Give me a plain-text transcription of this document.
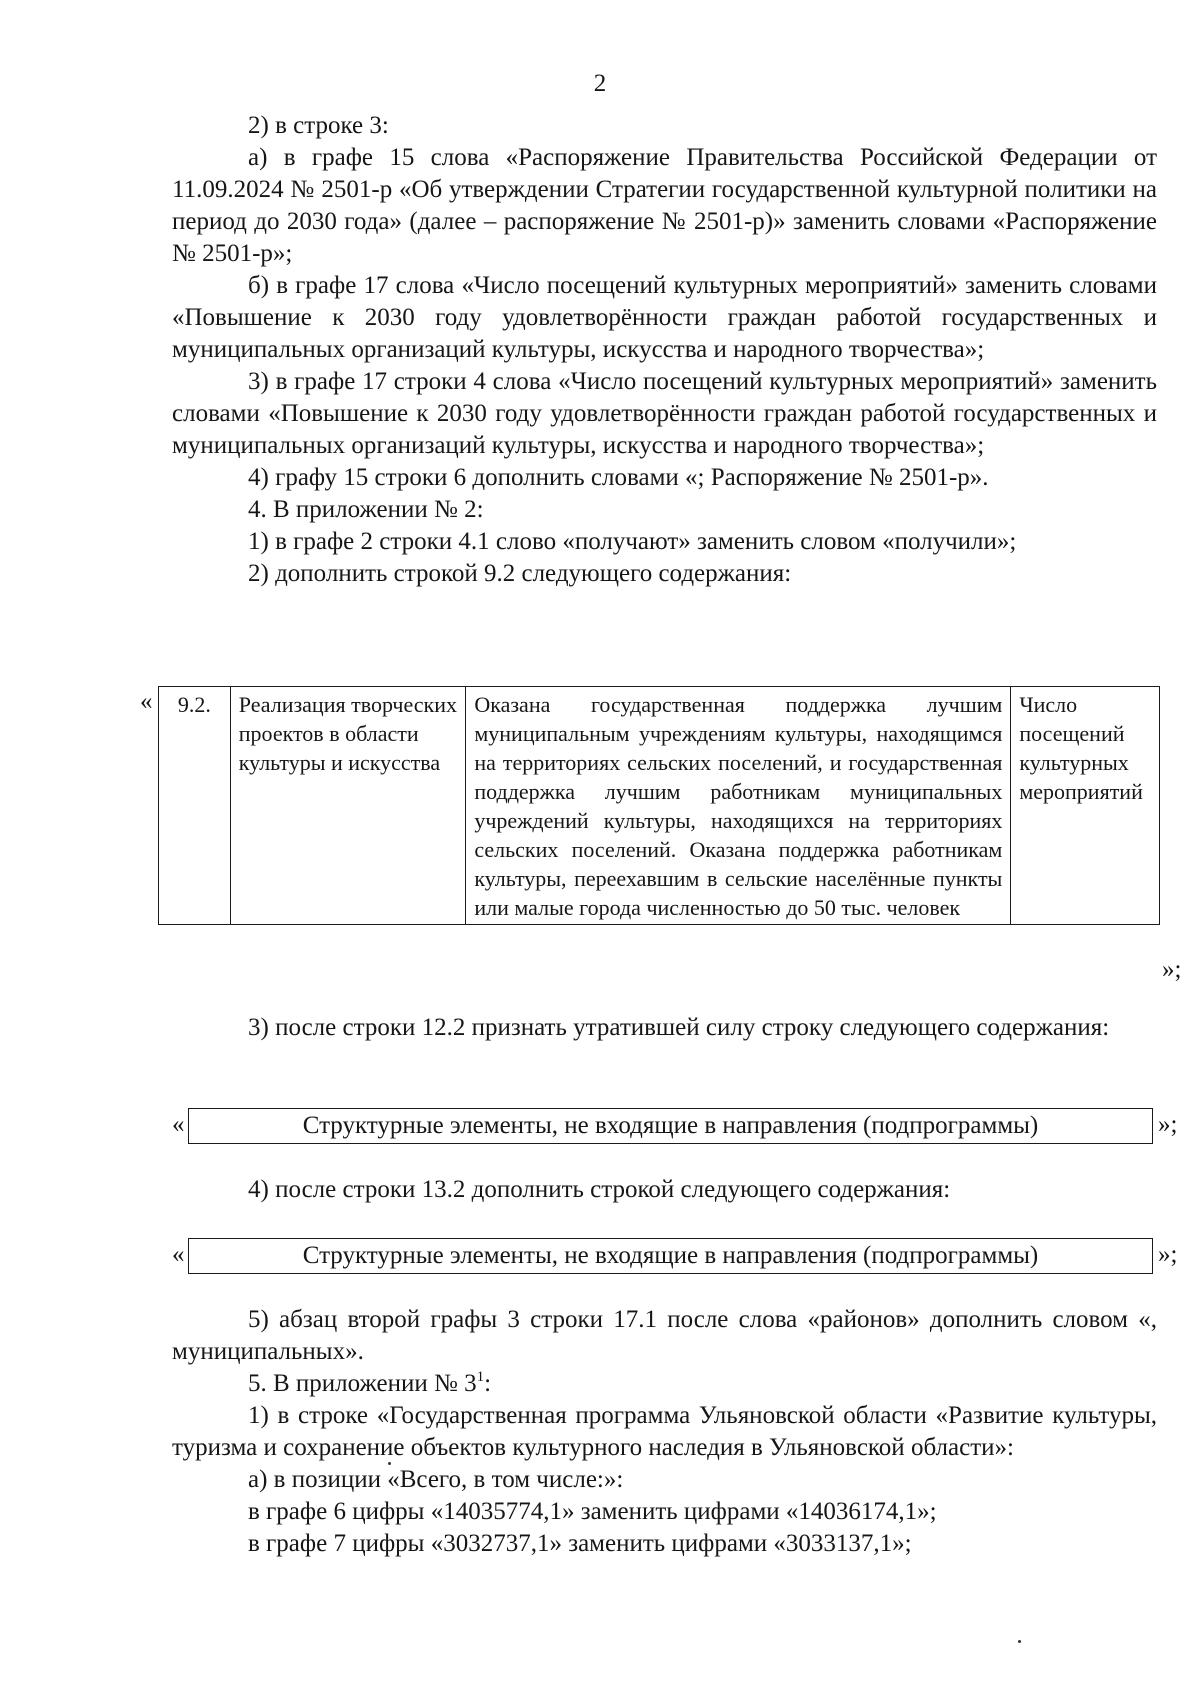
2

2) в строке 3:

а) в графе 15 слова «Распоряжение Правительства Российской Федерации от 11.09.2024 № 2501-р «Об утверждении Стратегии государственной культурной политики на период до 2030 года» (далее – распоряжение № 2501-р)» заменить словами «Распоряжение № 2501-р»;

б) в графе 17 слова «Число посещений культурных мероприятий» заменить словами «Повышение к 2030 году удовлетворённости граждан работой государственных и муниципальных организаций культуры, искусства и народного творчества»;

3) в графе 17 строки 4 слова «Число посещений культурных мероприятий» заменить словами «Повышение к 2030 году удовлетворённости граждан работой государственных и муниципальных организаций культуры, искусства и народного творчества»;

4) графу 15 строки 6 дополнить словами «; Распоряжение № 2501-р».

4. В приложении № 2:

1) в графе 2 строки 4.1 слово «получают» заменить словом «получили»;

2) дополнить строкой 9.2 следующего содержания:

« 9.2.	Реализация творческих проектов в области культуры и искусства	Оказана государственная поддержка лучшим муниципальным учреждениям культуры, находящимся на территориях сельских поселений, и государственная поддержка лучшим работникам муниципальных учреждений культуры, находящихся на территориях сельских поселений. Оказана поддержка работникам культуры, переехавшим в сельские населённые пункты или малые города численностью до 50 тыс. человек	Число посещений культурных мероприятий
»;

3) после строки 12.2 признать утратившей силу строку следующего содержания:

«	Структурные элементы, не входящие в направления (подпрограммы)	»;

4) после строки 13.2 дополнить строкой следующего содержания:

«	Структурные элементы, не входящие в направления (подпрограммы)	»;

5) абзац второй графы 3 строки 17.1 после слова «районов» дополнить словом «, муниципальных».

5. В приложении № $3^1$:

1) в строке «Государственная программа Ульяновской области «Развитие культуры, туризма и сохранение объектов культурного наследия в Ульяновской области»:

а) в позиции «Всего, в том числе:»:

в графе 6 цифры «14035774,1» заменить цифрами «14036174,1»;

в графе 7 цифры «3032737,1» заменить цифрами «3033137,1»;
